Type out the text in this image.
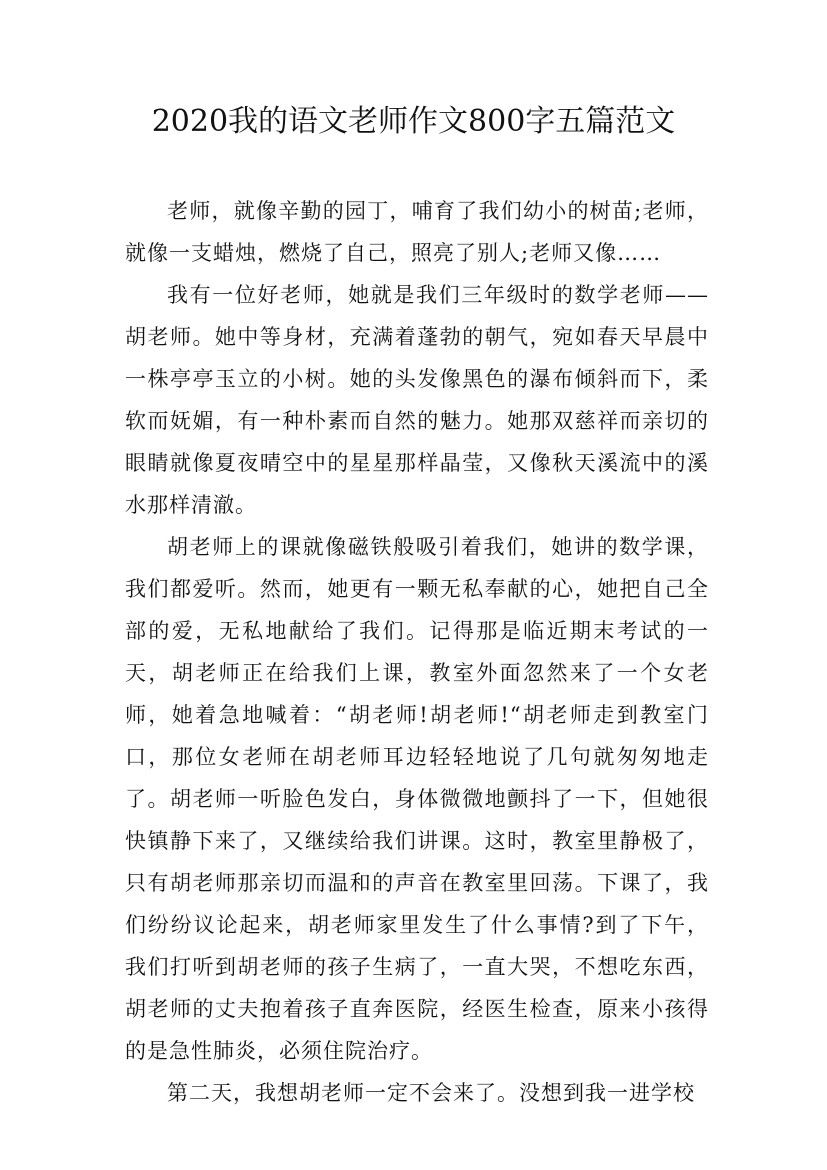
2020我的语文老师作文800字五篇范文

老师，就像辛勤的园丁，哺育了我们幼小的树苗;老师，就像一支蜡烛，燃烧了自己，照亮了别人;老师又像……

我有一位好老师，她就是我们三年级时的数学老师——胡老师。她中等身材，充满着蓬勃的朝气，宛如春天早晨中一株亭亭玉立的小树。她的头发像黑色的瀑布倾斜而下，柔软而妩媚，有一种朴素而自然的魅力。她那双慈祥而亲切的眼睛就像夏夜晴空中的星星那样晶莹，又像秋天溪流中的溪水那样清澈。

胡老师上的课就像磁铁般吸引着我们，她讲的数学课，我们都爱听。然而，她更有一颗无私奉献的心，她把自己全部的爱，无私地献给了我们。记得那是临近期末考试的一天，胡老师正在给我们上课，教室外面忽然来了一个女老师，她着急地喊着：“胡老师!胡老师!“胡老师走到教室门口，那位女老师在胡老师耳边轻轻地说了几句就匆匆地走了。胡老师一听脸色发白，身体微微地颤抖了一下，但她很快镇静下来了，又继续给我们讲课。这时，教室里静极了，只有胡老师那亲切而温和的声音在教室里回荡。下课了，我们纷纷议论起来，胡老师家里发生了什么事情?到了下午，我们打听到胡老师的孩子生病了，一直大哭，不想吃东西，胡老师的丈夫抱着孩子直奔医院，经医生检查，原来小孩得的是急性肺炎，必须住院治疗。

第二天，我想胡老师一定不会来了。没想到我一进学校
